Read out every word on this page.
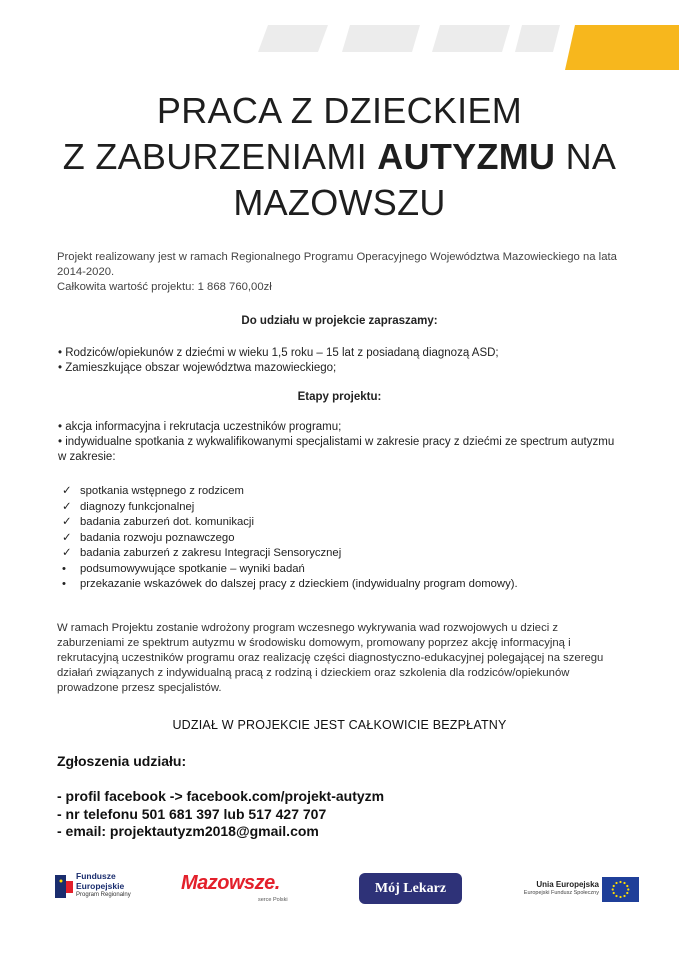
PRACA Z DZIECKIEM
Z ZABURZENIAMI AUTYZMU NA
MAZOWSZU
Projekt realizowany jest w ramach Regionalnego Programu Operacyjnego Województwa Mazowieckiego na lata
2014-2020.
Całkowita wartość projektu: 1 868 760,00zł
Do udziału w projekcie zapraszamy:
• Rodziców/opiekunów z dziećmi w wieku 1,5 roku – 15 lat z posiadaną diagnozą ASD;
• Zamieszkujące obszar województwa mazowieckiego;
Etapy projektu:
• akcja informacyjna i rekrutacja uczestników programu;
• indywidualne spotkania z wykwalifikowanymi specjalistami w zakresie pracy z dziećmi ze spectrum autyzmu w zakresie:
✓ spotkania wstępnego z rodzicem
✓ diagnozy funkcjonalnej
✓ badania zaburzeń dot. komunikacji
✓ badania rozwoju poznawczego
✓ badania zaburzeń z zakresu Integracji Sensorycznej
• podsumowywujące spotkanie – wyniki badań
• przekazanie wskazówek do dalszej pracy z dzieckiem (indywidualny program domowy).
W ramach Projektu zostanie wdrożony program wczesnego wykrywania wad rozwojowych u dzieci z
zaburzeniami ze spektrum autyzmu w środowisku domowym, promowany poprzez akcję informacyjną i
rekrutacyjną uczestników programu oraz realizację części diagnostyczno-edukacyjnej polegającej na szeregu
działań związanych z indywidualną pracą z rodziną i dzieckiem oraz szkolenia dla rodziców/opiekunów
prowadzone przesz specjalistów.
UDZIAŁ W PROJEKCIE JEST CAŁKOWICIE BEZPŁATNY
Zgłoszenia udziału:
- profil facebook -> facebook.com/projekt-autyzm
- nr telefonu 501 681 397 lub 517 427 707
- email: projektautyzm2018@gmail.com
Fundusze
Europejskie
Program Regionalny
Mazowsze.
serce Polski
Mój Lekarz	Unia Europejska
Europejski Fundusz Społeczny
